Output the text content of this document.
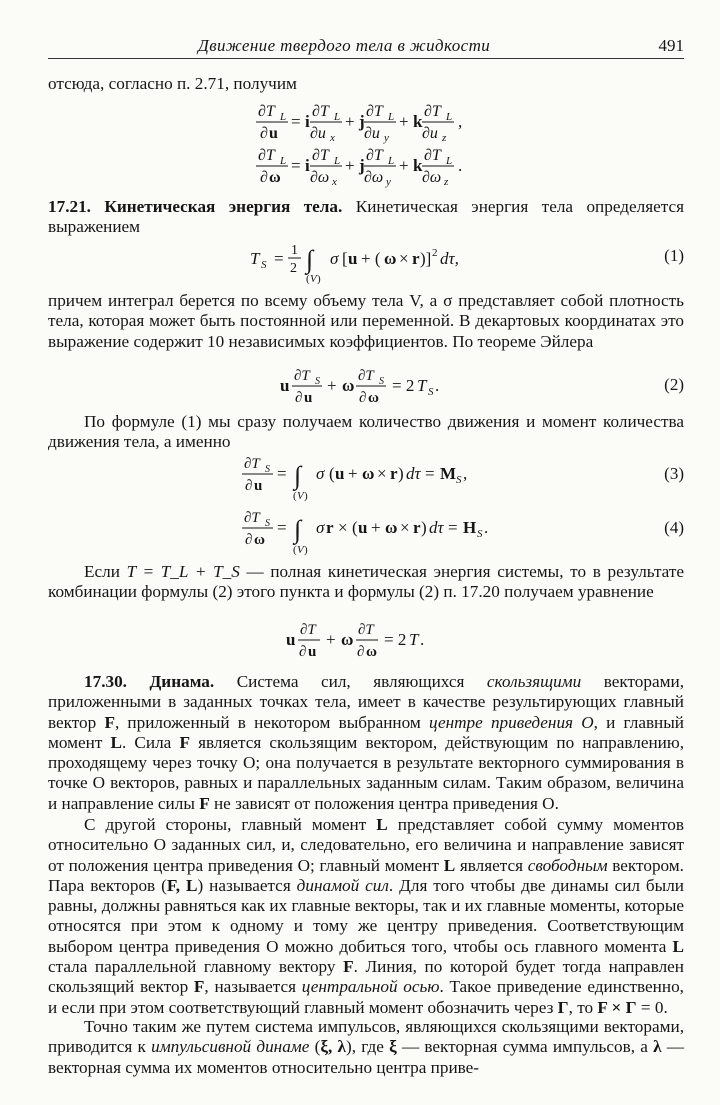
Движение твердого тела в жидкости	491

отсюда, согласно п. 2.71, получим

∂T L
∂ u
= i
∂T L
∂u x
+ j
∂T L
∂u y
+ k
∂T L
∂u z
,
∂T L
∂ ω
= i
∂T L
∂ω x
+ j
∂T L
∂ω y
+ k
∂T L
∂ω z
.

17.21. Кинетическая энергия тела. Кинетическая энергия тела определяется выражением

T S = 1
2 ∫
( V )
σ [ u + ( ω × r )] 2 dτ,	(1)

причем интеграл берется по всему объему тела V, а σ представляет собой плотность тела, которая может быть постоянной или переменной. В декартовых координатах это выражение содержит 10 независимых коэффициентов. По теореме Эйлера

u ∂T S
∂ u
+ ω ∂T S
∂ ω
= 2 T S .	(2)

По формуле (1) мы сразу получаем количество движения и момент количества движения тела, а именно

∂T S
∂ u
= ∫
( V )
σ ( u + ω × r ) dτ = M S ,	(3)
∂T S
∂ ω
= ∫
( V )
σ r × ( u + ω × r ) dτ = H S .	(4)

Если T = T_L + T_S — полная кинетическая энергия системы, то в результате комбинации формулы (2) этого пункта и формулы (2) п. 17.20 получаем уравнение

u ∂T
∂ u
+ ω ∂T
∂ ω
= 2 T .

17.30. Динама. Система сил, являющихся скользящими векторами, приложенными в заданных точках тела, имеет в качестве результирующих главный вектор F, приложенный в некотором выбранном центре приведения O, и главный момент L. Сила F является скользящим вектором, действующим по направлению, проходящему через точку O; она получается в результате векторного суммирования в точке O векторов, равных и параллельных заданным силам. Таким образом, величина и направление силы F не зависят от положения центра приведения O.

С другой стороны, главный момент L представляет собой сумму моментов относительно O заданных сил, и, следовательно, его величина и направление зависят от положения центра приведения O; главный момент L является свободным вектором. Пара векторов (F, L) называется динамой сил. Для того чтобы две динамы сил были равны, должны равняться как их главные векторы, так и их главные моменты, которые относятся при этом к одному и тому же центру приведения. Соответствующим выбором центра приведения O можно добиться того, чтобы ось главного момента L стала параллельной главному вектору F. Линия, по которой будет тогда направлен скользящий вектор F, называется центральной осью. Такое приведение единственно, и если при этом соответствующий главный момент обозначить через Γ, то F × Γ = 0.

Точно таким же путем система импульсов, являющихся скользящими векторами, приводится к импульсивной динаме (ξ, λ), где ξ — векторная сумма импульсов, а λ — векторная сумма их моментов относительно центра приве-
